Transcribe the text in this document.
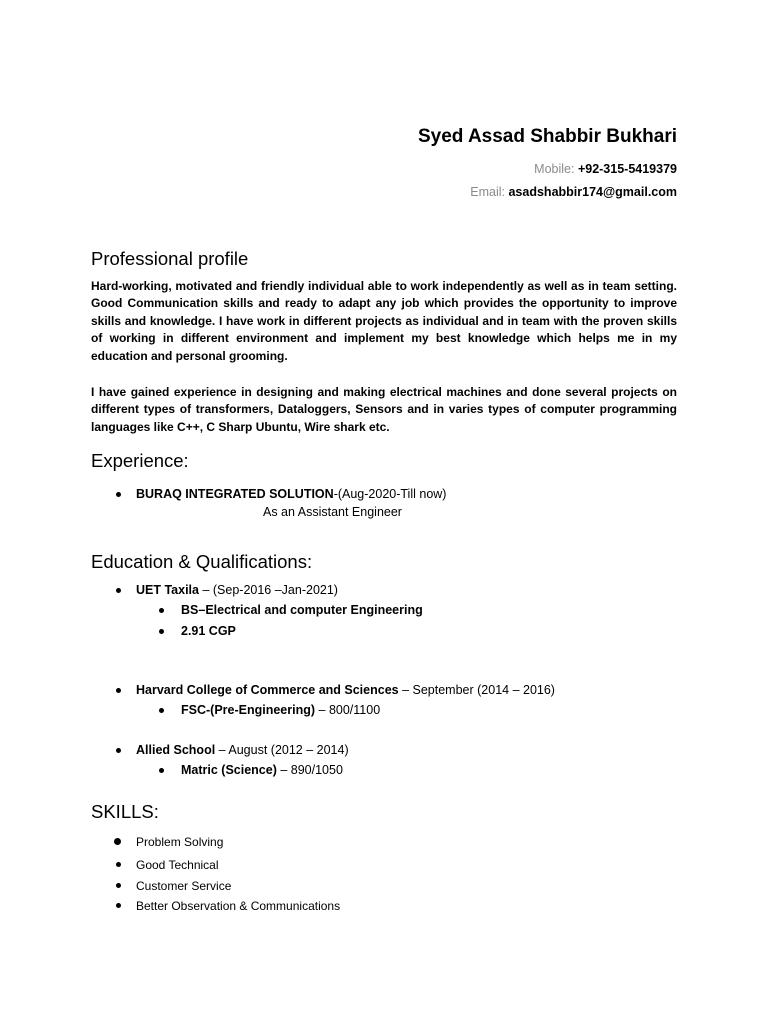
Syed Assad Shabbir Bukhari
Mobile: +92-315-5419379
Email: asadshabbir174@gmail.com
Professional profile

Hard-working, motivated and friendly individual able to work independently as well as in team setting. Good Communication skills and ready to adapt any job which provides the opportunity to improve skills and knowledge. I have work in different projects as individual and in team with the proven skills of working in different environment and implement my best knowledge which helps me in my education and personal grooming.

I have gained experience in designing and making electrical machines and done several projects on different types of transformers, Dataloggers, Sensors and in varies types of computer programming languages like C++, C Sharp Ubuntu, Wire shark etc.

Experience:
BURAQ INTEGRATED SOLUTION-(Aug-2020-Till now)
As an Assistant Engineer
Education & Qualifications:
UET Taxila – (Sep-2016 –Jan-2021)
BS–Electrical and computer Engineering
2.91 CGP
Harvard College of Commerce and Sciences – September (2014 – 2016)
FSC-(Pre-Engineering) – 800/1100
Allied School – August (2012 – 2014)
Matric (Science) – 890/1050
SKILLS:
Problem Solving
Good Technical
Customer Service
Better Observation & Communications
